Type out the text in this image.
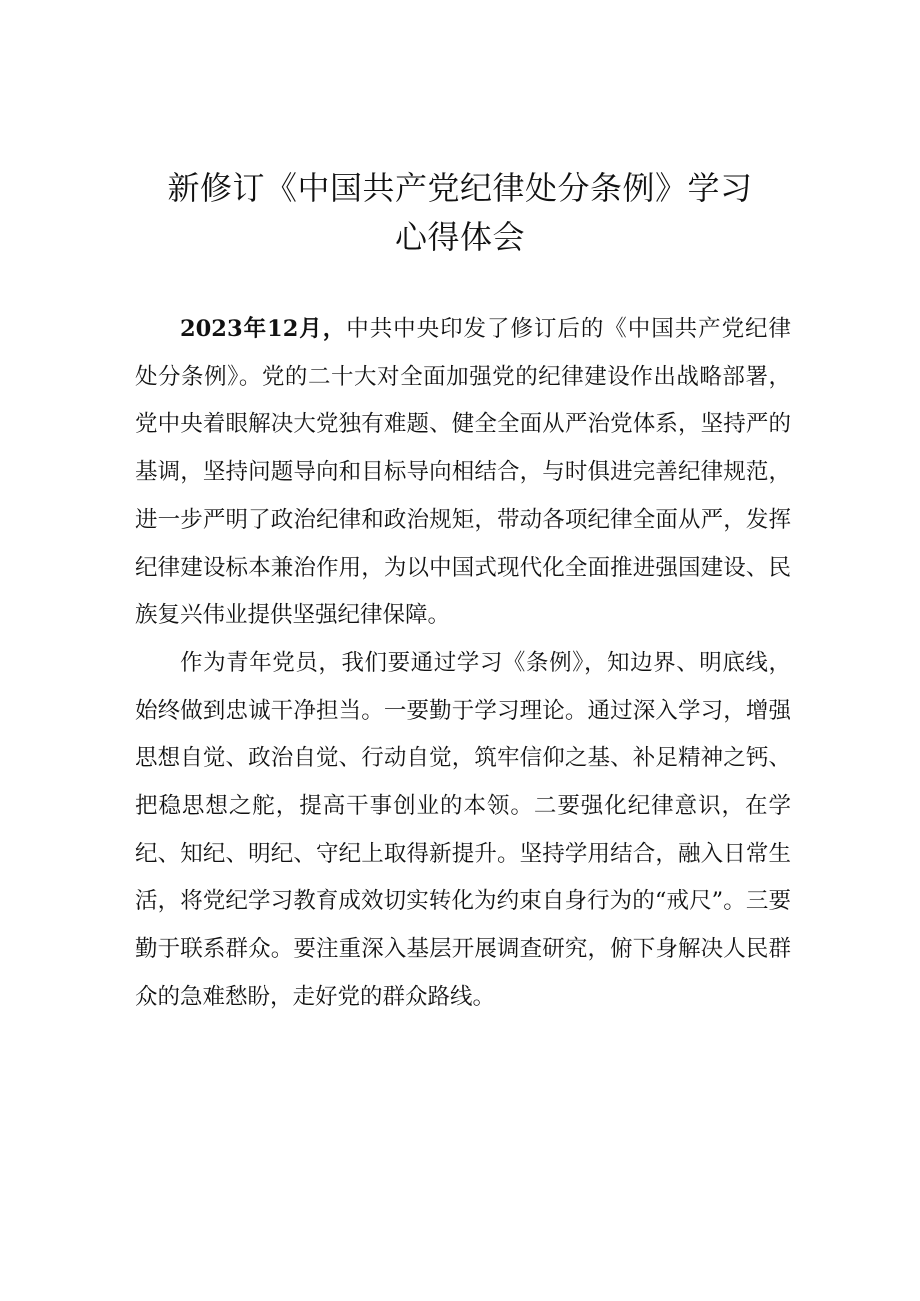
新修订《中国共产党纪律处分条例》学习
心得体会

2023年12月，中共中央印发了修订后的《中国共产党纪律处分条例》。党的二十大对全面加强党的纪律建设作出战略部署，党中央着眼解决大党独有难题、健全全面从严治党体系，坚持严的基调，坚持问题导向和目标导向相结合，与时俱进完善纪律规范，进一步严明了政治纪律和政治规矩，带动各项纪律全面从严，发挥纪律建设标本兼治作用，为以中国式现代化全面推进强国建设、民族复兴伟业提供坚强纪律保障。

作为青年党员，我们要通过学习《条例》，知边界、明底线，始终做到忠诚干净担当。一要勤于学习理论。通过深入学习，增强思想自觉、政治自觉、行动自觉，筑牢信仰之基、补足精神之钙、把稳思想之舵，提高干事创业的本领。二要强化纪律意识，在学纪、知纪、明纪、守纪上取得新提升。坚持学用结合，融入日常生活，将党纪学习教育成效切实转化为约束自身行为的“戒尺”。三要勤于联系群众。要注重深入基层开展调查研究，俯下身解决人民群众的急难愁盼，走好党的群众路线。
